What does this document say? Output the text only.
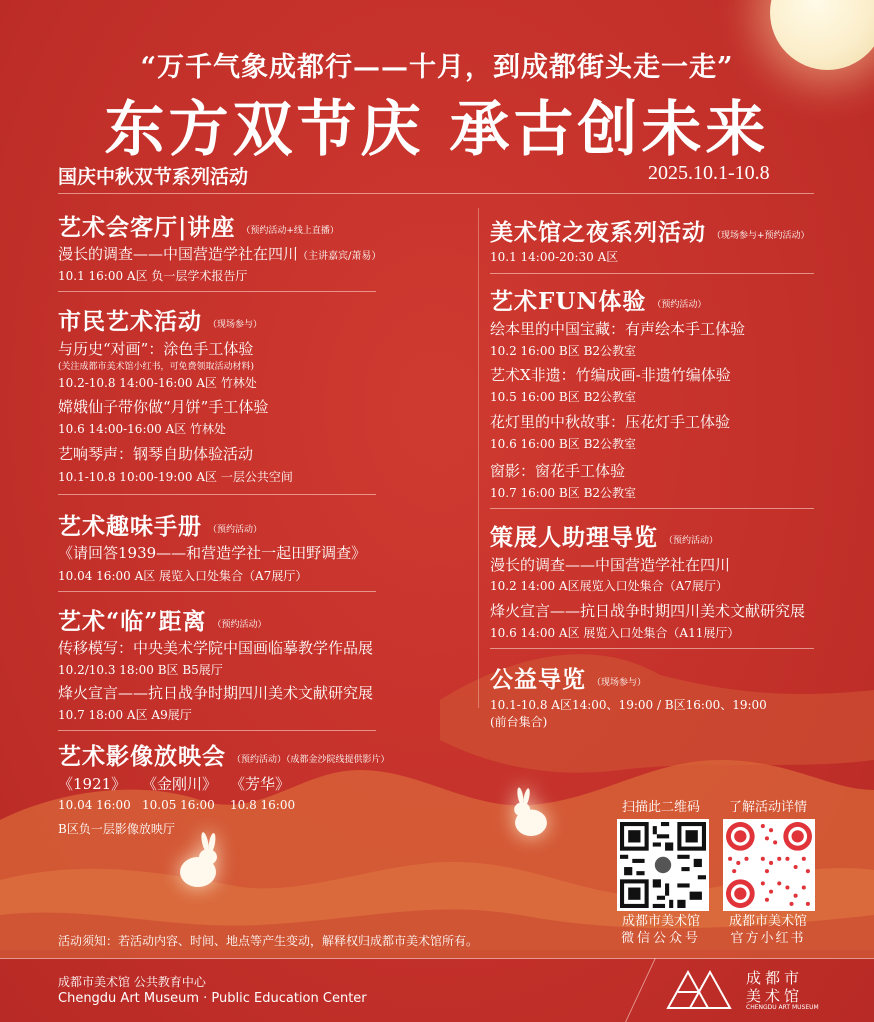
“万千气象成都行——十月，到成都街头走一走”
东方双节庆 承古创未来
国庆中秋双节系列活动	2025.10.1-10.8
艺术会客厅|讲座 （预约活动+线上直播）
漫长的调查——中国营造学社在四川（主讲嘉宾/萧易）
10.1 16:00 A区 负一层学术报告厅
市民艺术活动 （现场参与）
与历史“对画”：涂色手工体验
(关注成都市美术馆小红书，可免费领取活动材料)
10.2-10.8 14:00-16:00 A区 竹林处
嫦娥仙子带你做“月饼”手工体验
10.6 14:00-16:00 A区 竹林处
艺响琴声：钢琴自助体验活动
10.1-10.8 10:00-19:00 A区 一层公共空间
艺术趣味手册 （预约活动）
《请回答1939——和营造学社一起田野调查》
10.04 16:00 A区 展览入口处集合（A7展厅）
艺术“临”距离 （预约活动）
传移模写：中央美术学院中国画临摹教学作品展
10.2/10.3 18:00 B区 B5展厅
烽火宣言——抗日战争时期四川美术文献研究展
10.7 18:00 A区 A9展厅
艺术影像放映会 （预约活动）（成都金沙院线提供影片）
《1921》
10.04 16:00
《金刚川》
10.05 16:00
《芳华》
10.8 16:00
B区负一层影像放映厅
美术馆之夜系列活动 （现场参与+预约活动）
10.1 14:00-20:30 A区
艺术FUN体验 （预约活动）
绘本里的中国宝藏：有声绘本手工体验
10.2 16:00 B区 B2公教室
艺术X非遗：竹编成画-非遗竹编体验
10.5 16:00 B区 B2公教室
花灯里的中秋故事：压花灯手工体验
10.6 16:00 B区 B2公教室
窗影：窗花手工体验
10.7 16:00 B区 B2公教室
策展人助理导览 （预约活动）
漫长的调查——中国营造学社在四川
10.2 14:00 A区展览入口处集合（A7展厅）
烽火宣言——抗日战争时期四川美术文献研究展
10.6 14:00 A区 展览入口处集合（A11展厅）
公益导览 （现场参与）
10.1-10.8 A区14:00、19:00 / B区16:00、19:00
(前台集合)
扫描此二维码
成都市美术馆
微信公众号
了解活动详情
成都市美术馆
官方小红书
活动须知：若活动内容、时间、地点等产生变动，解释权归成都市美术馆所有。
成都市美术馆 公共教育中心
Chengdu Art Museum · Public Education Center
成都市
美术馆
CHENGDU ART MUSEUM
